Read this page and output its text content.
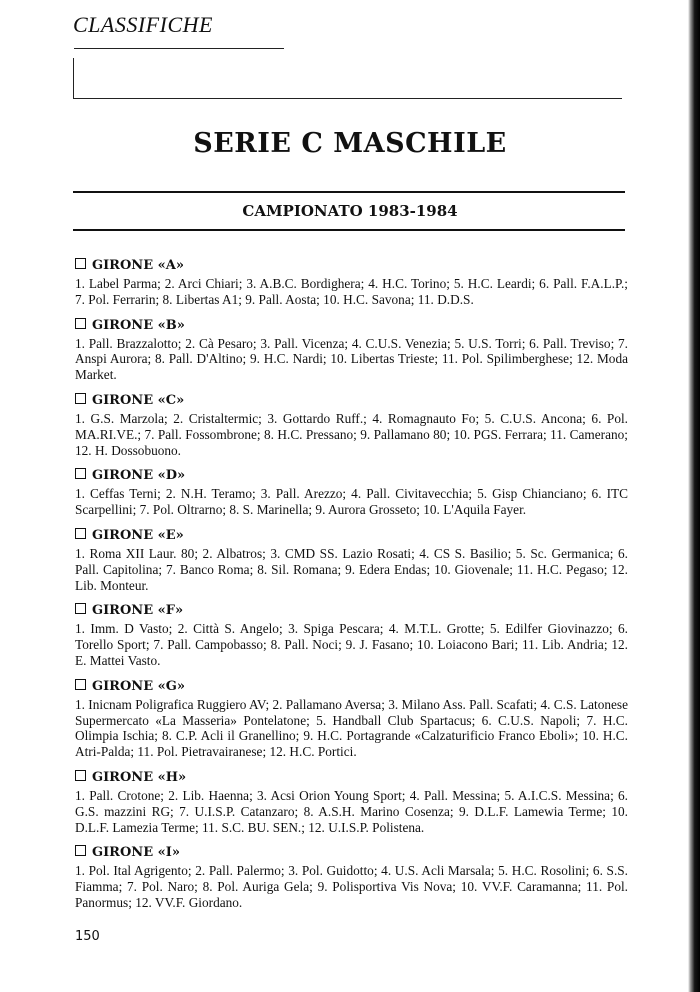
CLASSIFICHE
SERIE C MASCHILE
CAMPIONATO 1983-1984
GIRONE «A»

1. Label Parma; 2. Arci Chiari; 3. A.B.C. Bordighera; 4. H.C. Torino; 5. H.C. Leardi; 6. Pall. F.A.L.P.; 7. Pol. Ferrarin; 8. Libertas A1; 9. Pall. Aosta; 10. H.C. Savona; 11. D.D.S.

GIRONE «B»

1. Pall. Brazzalotto; 2. Cà Pesaro; 3. Pall. Vicenza; 4. C.U.S. Venezia; 5. U.S. Torri; 6. Pall. Treviso; 7. Anspi Aurora; 8. Pall. D'Altino; 9. H.C. Nardi; 10. Libertas Trieste; 11. Pol. Spilimberghese; 12. Moda Market.

GIRONE «C»

1. G.S. Marzola; 2. Cristaltermic; 3. Gottardo Ruff.; 4. Romagnauto Fo; 5. C.U.S. Ancona; 6. Pol. MA.RI.VE.; 7. Pall. Fossombrone; 8. H.C. Pressano; 9. Pallamano 80; 10. PGS. Ferrara; 11. Camerano; 12. H. Dossobuono.

GIRONE «D»

1. Ceffas Terni; 2. N.H. Teramo; 3. Pall. Arezzo; 4. Pall. Civitavecchia; 5. Gisp Chianciano; 6. ITC Scarpellini; 7. Pol. Oltrarno; 8. S. Marinella; 9. Aurora Grosseto; 10. L'Aquila Fayer.

GIRONE «E»

1. Roma XII Laur. 80; 2. Albatros; 3. CMD SS. Lazio Rosati; 4. CS S. Basilio; 5. Sc. Germanica; 6. Pall. Capitolina; 7. Banco Roma; 8. Sil. Romana; 9. Edera Endas; 10. Giovenale; 11. H.C. Pegaso; 12. Lib. Monteur.

GIRONE «F»

1. Imm. D Vasto; 2. Città S. Angelo; 3. Spiga Pescara; 4. M.T.L. Grotte; 5. Edilfer Giovinazzo; 6. Torello Sport; 7. Pall. Campobasso; 8. Pall. Noci; 9. J. Fasano; 10. Loiacono Bari; 11. Lib. Andria; 12. E. Mattei Vasto.

GIRONE «G»

1. Inicnam Poligrafica Ruggiero AV; 2. Pallamano Aversa; 3. Milano Ass. Pall. Scafati; 4. C.S. Latonese Supermercato «La Masseria» Pontelatone; 5. Handball Club Spartacus; 6. C.U.S. Napoli; 7. H.C. Olimpia Ischia; 8. C.P. Acli il Granellino; 9. H.C. Portagrande «Calzaturificio Franco Eboli»; 10. H.C. Atri-Palda; 11. Pol. Pietravairanese; 12. H.C. Portici.

GIRONE «H»

1. Pall. Crotone; 2. Lib. Haenna; 3. Acsi Orion Young Sport; 4. Pall. Messina; 5. A.I.C.S. Messina; 6. G.S. mazzini RG; 7. U.I.S.P. Catanzaro; 8. A.S.H. Marino Cosenza; 9. D.L.F. Lamewia Terme; 10. D.L.F. Lamezia Terme; 11. S.C. BU. SEN.; 12. U.I.S.P. Polistena.

GIRONE «I»

1. Pol. Ital Agrigento; 2. Pall. Palermo; 3. Pol. Guidotto; 4. U.S. Acli Marsala; 5. H.C. Rosolini; 6. S.S. Fiamma; 7. Pol. Naro; 8. Pol. Auriga Gela; 9. Polisportiva Vis Nova; 10. VV.F. Caramanna; 11. Pol. Panormus; 12. VV.F. Giordano.

150
